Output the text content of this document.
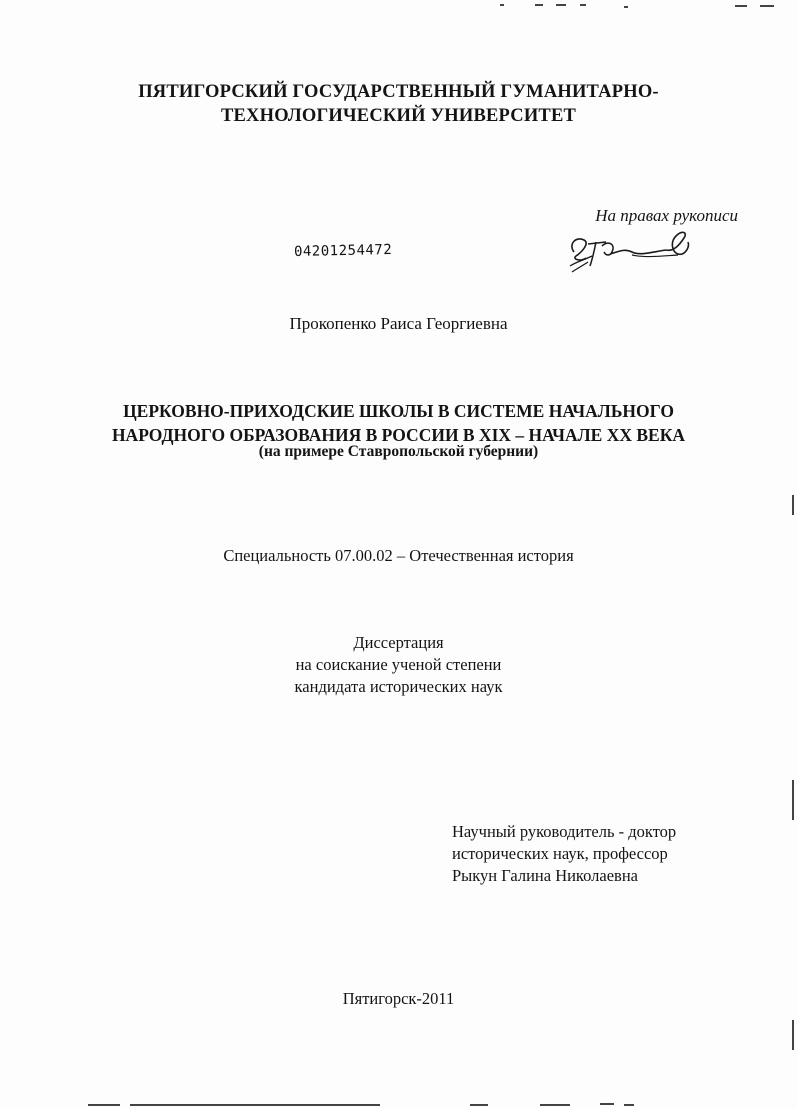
ПЯТИГОРСКИЙ ГОСУДАРСТВЕННЫЙ ГУМАНИТАРНО-
ТЕХНОЛОГИЧЕСКИЙ УНИВЕРСИТЕТ
На правах рукописи
04201254472
Прокопенко Раиса Георгиевна
ЦЕРКОВНО-ПРИХОДСКИЕ ШКОЛЫ В СИСТЕМЕ НАЧАЛЬНОГО
НАРОДНОГО ОБРАЗОВАНИЯ В РОССИИ В XIX – НАЧАЛЕ XX ВЕКА
(на примере Ставропольской губернии)
Специальность 07.00.02 – Отечественная история
Диссертация
на соискание ученой степени
кандидата исторических наук
Научный руководитель - доктор
исторических наук, профессор
Рыкун Галина Николаевна
Пятигорск-2011
